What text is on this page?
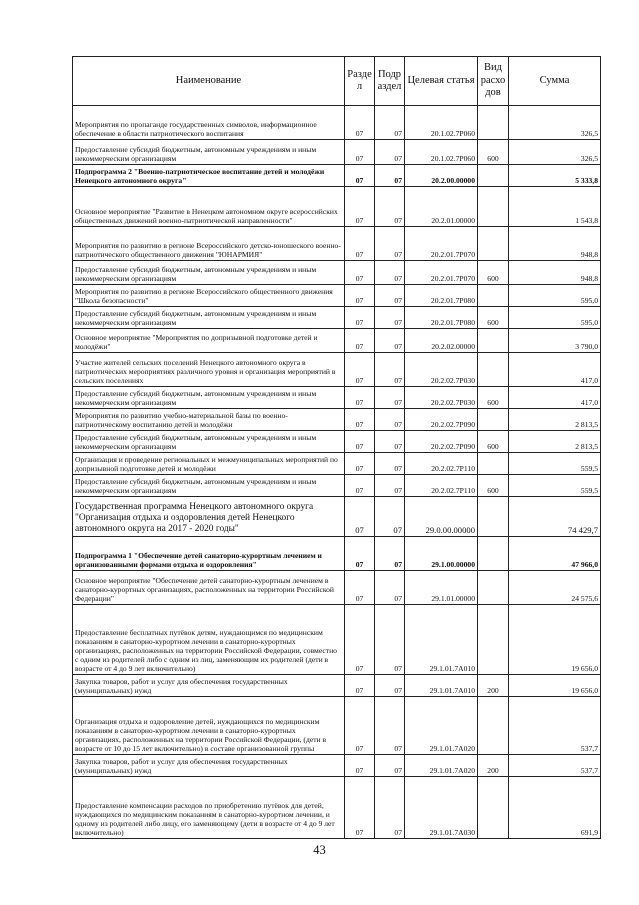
Наименование	Разде л	Подр аздел	Целевая статья	Вид расхо дов	Сумма
Мероприятия по пропаганде государственных символов, информационное обеспечение в области патриотического воспитания	07	07	20.1.02.7Р060		326,5
Предоставление субсидий бюджетным, автономным учреждениям и иным некоммерческим организациям	07	07	20.1.02.7Р060	600	326,5
Подпрограмма 2 "Военно-патриотическое воспитание детей и молодёжи Ненецкого автономного округа"	07	07	20.2.00.00000		5 333,8
Основное мероприятие "Развитие в Ненецком автономном округе всероссийских общественных движений военно-патриотической направленности"	07	07	20.2.01.00000		1 543,8
Мероприятия по развитию в регионе Всероссийского детско-юношеского военно-патриотического общественного движения "ЮНАРМИЯ"	07	07	20.2.01.7Р070		948,8
Предоставление субсидий бюджетным, автономным учреждениям и иным некоммерческим организациям	07	07	20.2.01.7Р070	600	948,8
Мероприятия по развитию в регионе Всероссийского общественного движения "Школа безопасности"	07	07	20.2.01.7Р080		595,0
Предоставление субсидий бюджетным, автономным учреждениям и иным некоммерческим организациям	07	07	20.2.01.7Р080	600	595,0
Основное мероприятие "Мероприятия по допризывной подготовке детей и молодёжи"	07	07	20.2.02.00000		3 790,0
Участие жителей сельских поселений Ненецкого автономного округа в патриотических мероприятиях различного уровня и организация мероприятий в сельских поселениях	07	07	20.2.02.7Р030		417,0
Предоставление субсидий бюджетным, автономным учреждениям и иным некоммерческим организациям	07	07	20.2.02.7Р030	600	417,0
Мероприятия по развитию учебно-материальной базы по военно-патриотическому воспитанию детей и молодёжи	07	07	20.2.02.7Р090		2 813,5
Предоставление субсидий бюджетным, автономным учреждениям и иным некоммерческим организациям	07	07	20.2.02.7Р090	600	2 813,5
Организация и проведение региональных и межмуниципальных мероприятий по допризывной подготовке детей и молодёжи	07	07	20.2.02.7Р110		559,5
Предоставление субсидий бюджетным, автономным учреждениям и иным некоммерческим организациям	07	07	20.2.02.7Р110	600	559,5
Государственная программа Ненецкого автономного округа "Организация отдыха и оздоровления детей Ненецкого автономного округа на 2017 - 2020 годы"	07	07	29.0.00.00000		74 429,7
Подпрограмма 1 "Обеспечение детей санаторно-курортным лечением и организованными формами отдыха и оздоровления"	07	07	29.1.00.00000		47 966,0
Основное мероприятие "Обеспечение детей санаторно-курортным лечением в санаторно-курортных организациях, расположенных на территории Российской Федерации"	07	07	29.1.01.00000		24 575,6
Предоставление бесплатных путёвок детям, нуждающимся по медицинским показаниям в санаторно-курортном лечении в санаторно-курортных организациях, расположенных на территории Российской Федерации, совместно с одним из родителей либо с одним из лиц, заменяющим их родителей (дети в возрасте от 4 до 9 лет включительно)	07	07	29.1.01.7А010		19 656,0
Закупка товаров, работ и услуг для обеспечения государственных (муниципальных) нужд	07	07	29.1.01.7А010	200	19 656,0
Организация отдыха и оздоровление детей, нуждающихся по медицинским показаниям в санаторно-курортном лечении в санаторно-курортных организациях, расположенных на территории Российской Федерации, (дети в возрасте от 10 до 15 лет включительно) в составе организованной группы	07	07	29.1.01.7А020		537,7
Закупка товаров, работ и услуг для обеспечения государственных (муниципальных) нужд	07	07	29.1.01.7А020	200	537,7
Предоставление компенсации расходов по приобретению путёвок для детей, нуждающихся по медицинским показаниям в санаторно-курортном лечении, и одному из родителей либо лицу, его заменяющему (дети в возрасте от 4 до 9 лет включительно)	07	07	29.1.01.7А030		691,9
43
